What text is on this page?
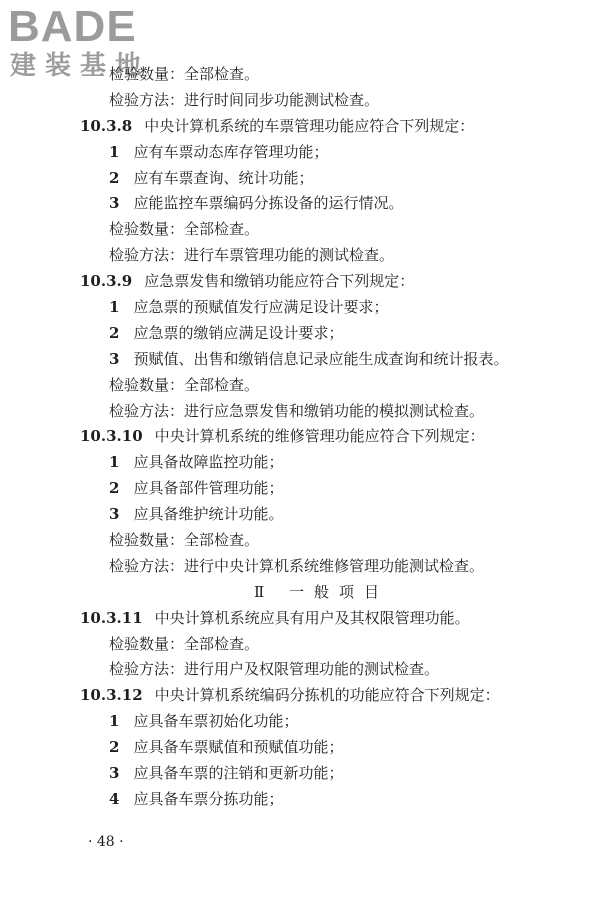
BADE
建装基地
检验数量：全部检查。
检验方法：进行时间同步功能测试检查。
10.3.8 中央计算机系统的车票管理功能应符合下列规定：
1 应有车票动态库存管理功能；
2 应有车票查询、统计功能；
3 应能监控车票编码分拣设备的运行情况。
检验数量：全部检查。
检验方法：进行车票管理功能的测试检查。
10.3.9 应急票发售和缴销功能应符合下列规定：
1 应急票的预赋值发行应满足设计要求；
2 应急票的缴销应满足设计要求；
3 预赋值、出售和缴销信息记录应能生成查询和统计报表。
检验数量：全部检查。
检验方法：进行应急票发售和缴销功能的模拟测试检查。
10.3.10 中央计算机系统的维修管理功能应符合下列规定：
1 应具备故障监控功能；
2 应具备部件管理功能；
3 应具备维护统计功能。
检验数量：全部检查。
检验方法：进行中央计算机系统维修管理功能测试检查。
Ⅱ 一般项目
10.3.11 中央计算机系统应具有用户及其权限管理功能。
检验数量：全部检查。
检验方法：进行用户及权限管理功能的测试检查。
10.3.12 中央计算机系统编码分拣机的功能应符合下列规定：
1 应具备车票初始化功能；
2 应具备车票赋值和预赋值功能；
3 应具备车票的注销和更新功能；
4 应具备车票分拣功能；
· 48 ·
